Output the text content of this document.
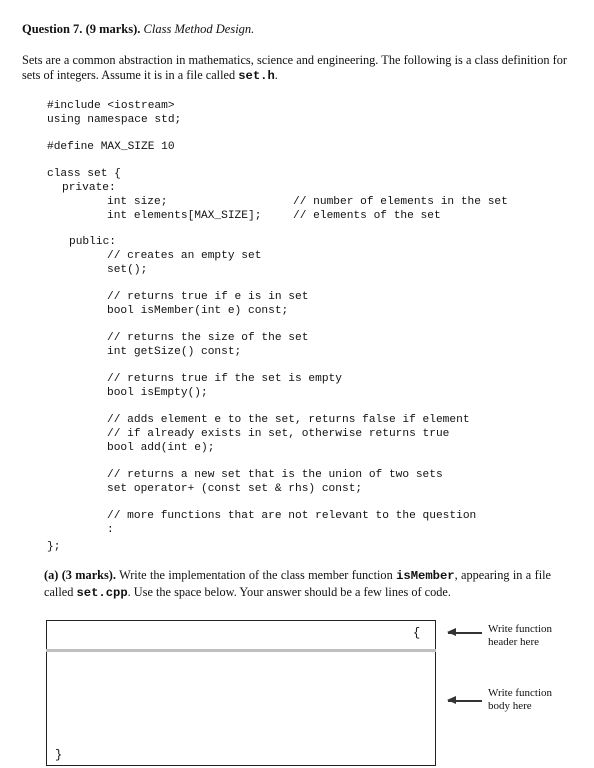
Question 7. (9 marks). Class Method Design.
Sets are a common abstraction in mathematics, science and engineering. The following is a class definition for sets of integers. Assume it is in a file called set.h.
#include <iostream>
using namespace std;
#define MAX_SIZE 10
class set {
private:
int size;	// number of elements in the set
int elements[MAX_SIZE];	// elements of the set
public:
// creates an empty set
set();
// returns true if e is in set
bool isMember(int e) const;
// returns the size of the set
int getSize() const;
// returns true if the set is empty
bool isEmpty();
// adds element e to the set, returns false if element
// if already exists in set, otherwise returns true
bool add(int e);
// returns a new set that is the union of two sets
set operator+ (const set & rhs) const;
// more functions that are not relevant to the question
:
};
(a) (3 marks). Write the implementation of the class member function isMember, appearing in a file called set.cpp. Use the space below. Your answer should be a few lines of code.
{
}
Write function
header here
Write function
body here
